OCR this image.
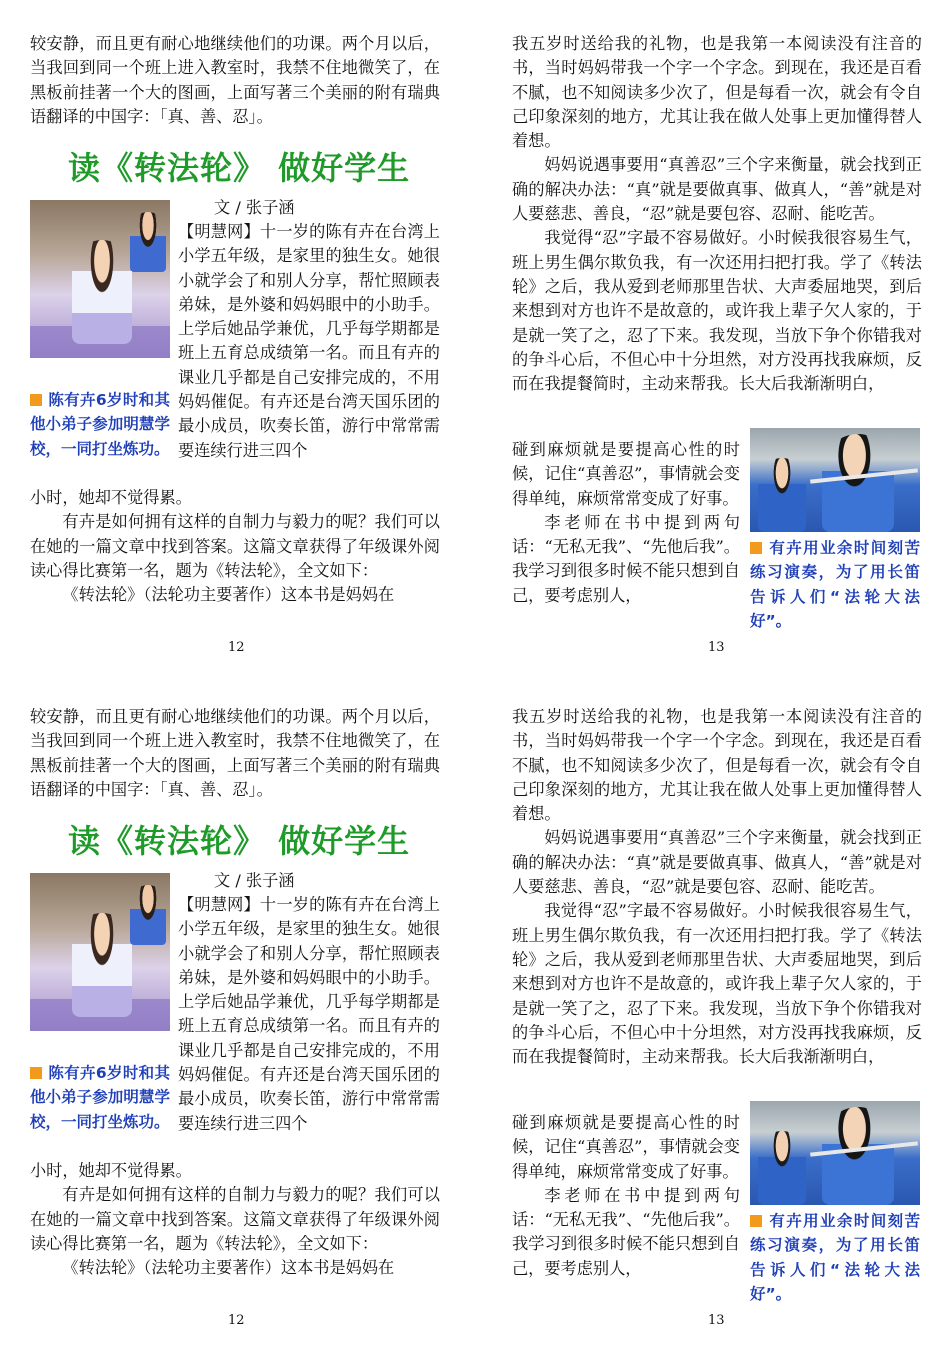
较安静，而且更有耐心地继续他们的功课。两个月以后，当我回到同一个班上进入教室时，我禁不住地微笑了，在黑板前挂著一个大的图画，上面写著三个美丽的附有瑞典语翻译的中国字：「真、善、忍」。

读《转法轮》 做好学生

文 / 张子涵

【明慧网】十一岁的陈有卉在台湾上小学五年级，是家里的独生女。她很小就学会了和别人分享，帮忙照顾表弟妹，是外婆和妈妈眼中的小助手。上学后她品学兼优，几乎每学期都是班上五育总成绩第一名。而且有卉的课业几乎都是自己安排完成的，不用妈妈催促。有卉还是台湾天国乐团的最小成员，吹奏长笛，游行中常常需要连续行进三四个

陈有卉6岁时和其他小弟子参加明慧学校，一同打坐炼功。

小时，她却不觉得累。

有卉是如何拥有这样的自制力与毅力的呢？我们可以在她的一篇文章中找到答案。这篇文章获得了年级课外阅读心得比赛第一名，题为《转法轮》，全文如下：

《转法轮》（法轮功主要著作）这本书是妈妈在

12

我五岁时送给我的礼物，也是我第一本阅读没有注音的书，当时妈妈带我一个字一个字念。到现在，我还是百看不腻，也不知阅读多少次了，但是每看一次，就会有令自己印象深刻的地方，尤其让我在做人处事上更加懂得替人着想。

妈妈说遇事要用“真善忍”三个字来衡量，就会找到正确的解决办法：“真”就是要做真事、做真人，“善”就是对人要慈悲、善良，“忍”就是要包容、忍耐、能吃苦。

我觉得“忍”字最不容易做好。小时候我很容易生气，班上男生偶尔欺负我，有一次还用扫把打我。学了《转法轮》之后，我从爱到老师那里告状、大声委屈地哭，到后来想到对方也许不是故意的，或许我上辈子欠人家的，于是就一笑了之，忍了下来。我发现，当放下争个你错我对的争斗心后，不但心中十分坦然，对方没再找我麻烦，反而在我提餐简时，主动来帮我。长大后我渐渐明白，

碰到麻烦就是要提高心性的时候，记住“真善忍”，事情就会变得单纯，麻烦常常变成了好事。

李老师在书中提到两句话：“无私无我”、“先他后我”。我学习到很多时候不能只想到自己，要考虑别人，

有卉用业余时间刻苦练习演奏，为了用长笛告诉人们“法轮大法好”。

13

较安静，而且更有耐心地继续他们的功课。两个月以后，当我回到同一个班上进入教室时，我禁不住地微笑了，在黑板前挂著一个大的图画，上面写著三个美丽的附有瑞典语翻译的中国字：「真、善、忍」。

读《转法轮》 做好学生

文 / 张子涵

【明慧网】十一岁的陈有卉在台湾上小学五年级，是家里的独生女。她很小就学会了和别人分享，帮忙照顾表弟妹，是外婆和妈妈眼中的小助手。上学后她品学兼优，几乎每学期都是班上五育总成绩第一名。而且有卉的课业几乎都是自己安排完成的，不用妈妈催促。有卉还是台湾天国乐团的最小成员，吹奏长笛，游行中常常需要连续行进三四个

陈有卉6岁时和其他小弟子参加明慧学校，一同打坐炼功。

小时，她却不觉得累。

有卉是如何拥有这样的自制力与毅力的呢？我们可以在她的一篇文章中找到答案。这篇文章获得了年级课外阅读心得比赛第一名，题为《转法轮》，全文如下：

《转法轮》（法轮功主要著作）这本书是妈妈在

12

我五岁时送给我的礼物，也是我第一本阅读没有注音的书，当时妈妈带我一个字一个字念。到现在，我还是百看不腻，也不知阅读多少次了，但是每看一次，就会有令自己印象深刻的地方，尤其让我在做人处事上更加懂得替人着想。

妈妈说遇事要用“真善忍”三个字来衡量，就会找到正确的解决办法：“真”就是要做真事、做真人，“善”就是对人要慈悲、善良，“忍”就是要包容、忍耐、能吃苦。

我觉得“忍”字最不容易做好。小时候我很容易生气，班上男生偶尔欺负我，有一次还用扫把打我。学了《转法轮》之后，我从爱到老师那里告状、大声委屈地哭，到后来想到对方也许不是故意的，或许我上辈子欠人家的，于是就一笑了之，忍了下来。我发现，当放下争个你错我对的争斗心后，不但心中十分坦然，对方没再找我麻烦，反而在我提餐简时，主动来帮我。长大后我渐渐明白，

碰到麻烦就是要提高心性的时候，记住“真善忍”，事情就会变得单纯，麻烦常常变成了好事。

李老师在书中提到两句话：“无私无我”、“先他后我”。我学习到很多时候不能只想到自己，要考虑别人，

有卉用业余时间刻苦练习演奏，为了用长笛告诉人们“法轮大法好”。

13
